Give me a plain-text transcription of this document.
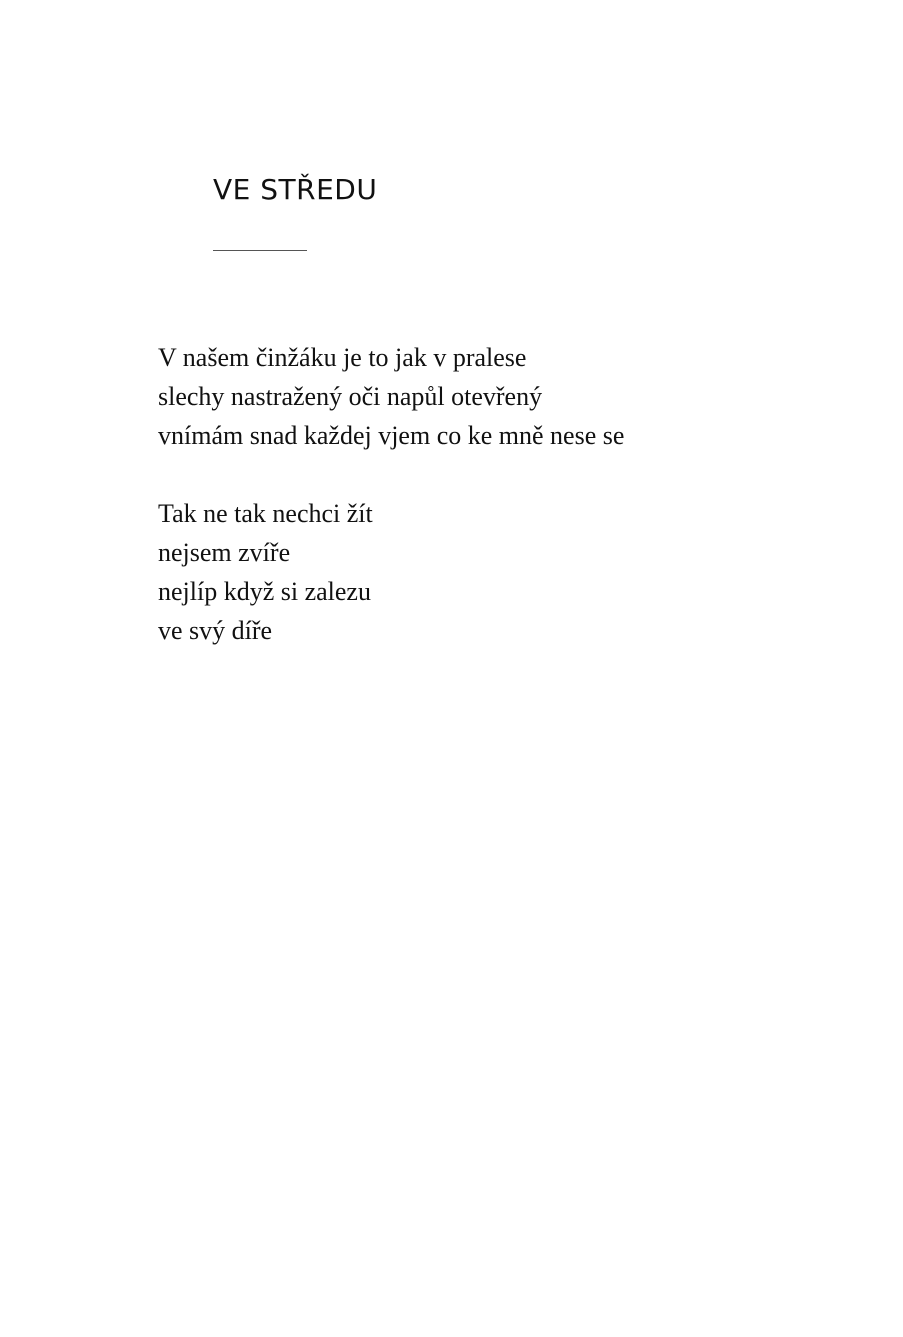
VE STŘEDU

V našem činžáku je to jak v pralese
slechy nastražený oči napůl otevřený
vnímám snad každej vjem co ke mně nese se

Tak ne tak nechci žít
nejsem zvíře
nejlíp když si zalezu
ve svý díře
